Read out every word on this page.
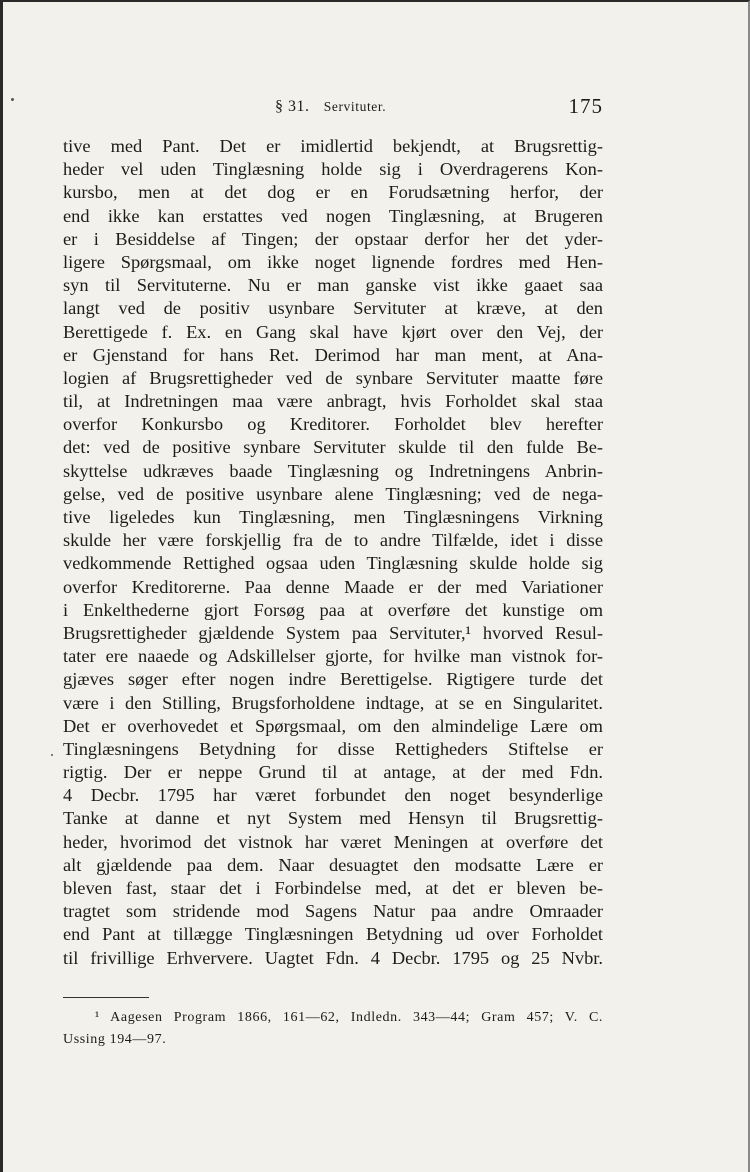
§ 31. Servituter.	175
tive med Pant. Det er imidlertid bekjendt, at Brugsrettig-
heder vel uden Tinglæsning holde sig i Overdragerens Kon-
kursbo, men at det dog er en Forudsætning herfor, der
end ikke kan erstattes ved nogen Tinglæsning, at Brugeren
er i Besiddelse af Tingen; der opstaar derfor her det yder-
ligere Spørgsmaal, om ikke noget lignende fordres med Hen-
syn til Servituterne. Nu er man ganske vist ikke gaaet saa
langt ved de positiv usynbare Servituter at kræve, at den
Berettigede f. Ex. en Gang skal have kjørt over den Vej, der
er Gjenstand for hans Ret. Derimod har man ment, at Ana-
logien af Brugsrettigheder ved de synbare Servituter maatte føre
til, at Indretningen maa være anbragt, hvis Forholdet skal staa
overfor Konkursbo og Kreditorer. Forholdet blev herefter
det: ved de positive synbare Servituter skulde til den fulde Be-
skyttelse udkræves baade Tinglæsning og Indretningens Anbrin-
gelse, ved de positive usynbare alene Tinglæsning; ved de nega-
tive ligeledes kun Tinglæsning, men Tinglæsningens Virkning
skulde her være forskjellig fra de to andre Tilfælde, idet i disse
vedkommende Rettighed ogsaa uden Tinglæsning skulde holde sig
overfor Kreditorerne. Paa denne Maade er der med Variationer
i Enkelthederne gjort Forsøg paa at overføre det kunstige om
Brugsrettigheder gjældende System paa Servituter,¹ hvorved Resul-
tater ere naaede og Adskillelser gjorte, for hvilke man vistnok for-
gjæves søger efter nogen indre Berettigelse. Rigtigere turde det
være i den Stilling, Brugsforholdene indtage, at se en Singularitet.
Det er overhovedet et Spørgsmaal, om den almindelige Lære om
Tinglæsningens Betydning for disse Rettigheders Stiftelse er
rigtig. Der er neppe Grund til at antage, at der med Fdn.
4 Decbr. 1795 har været forbundet den noget besynderlige
Tanke at danne et nyt System med Hensyn til Brugsrettig-
heder, hvorimod det vistnok har været Meningen at overføre det
alt gjældende paa dem. Naar desuagtet den modsatte Lære er
bleven fast, staar det i Forbindelse med, at det er bleven be-
tragtet som stridende mod Sagens Natur paa andre Omraader
end Pant at tillægge Tinglæsningen Betydning ud over Forholdet
til frivillige Erhververe. Uagtet Fdn. 4 Decbr. 1795 og 25 Nvbr.
¹ Aagesen Program 1866, 161—62, Indledn. 343—44; Gram 457; V. C.
Ussing 194—97.
